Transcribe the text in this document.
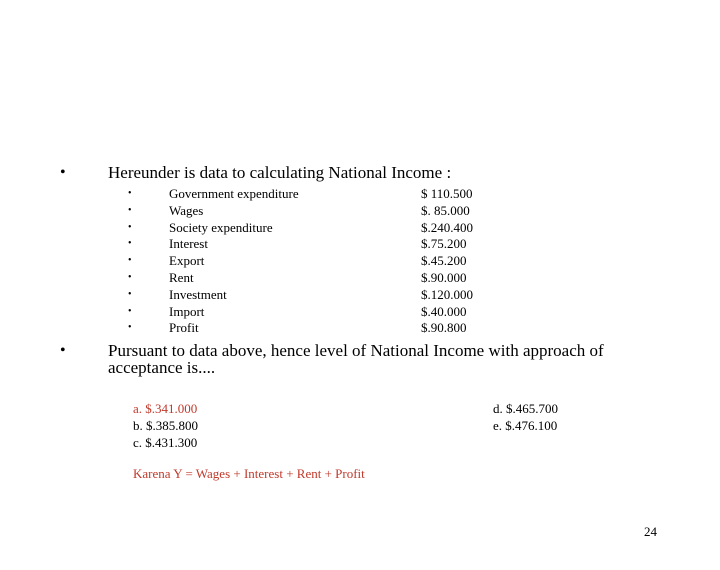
• Hereunder is data to calculating National Income :
•	Government expenditure	$ 110.500
•	Wages	$. 85.000
•	Society expenditure	$.240.400
•	Interest	$.75.200
•	Export	$.45.200
•	Rent	$.90.000
•	Investment	$.120.000
•	Import	$.40.000
•	Profit	$.90.800
• Pursuant to data above, hence level of National Income with approach of
acceptance is....
a. $.341.000
b. $.385.800
c. $.431.300
d. $.465.700
e. $.476.100
Karena Y = Wages + Interest + Rent + Profit
24
